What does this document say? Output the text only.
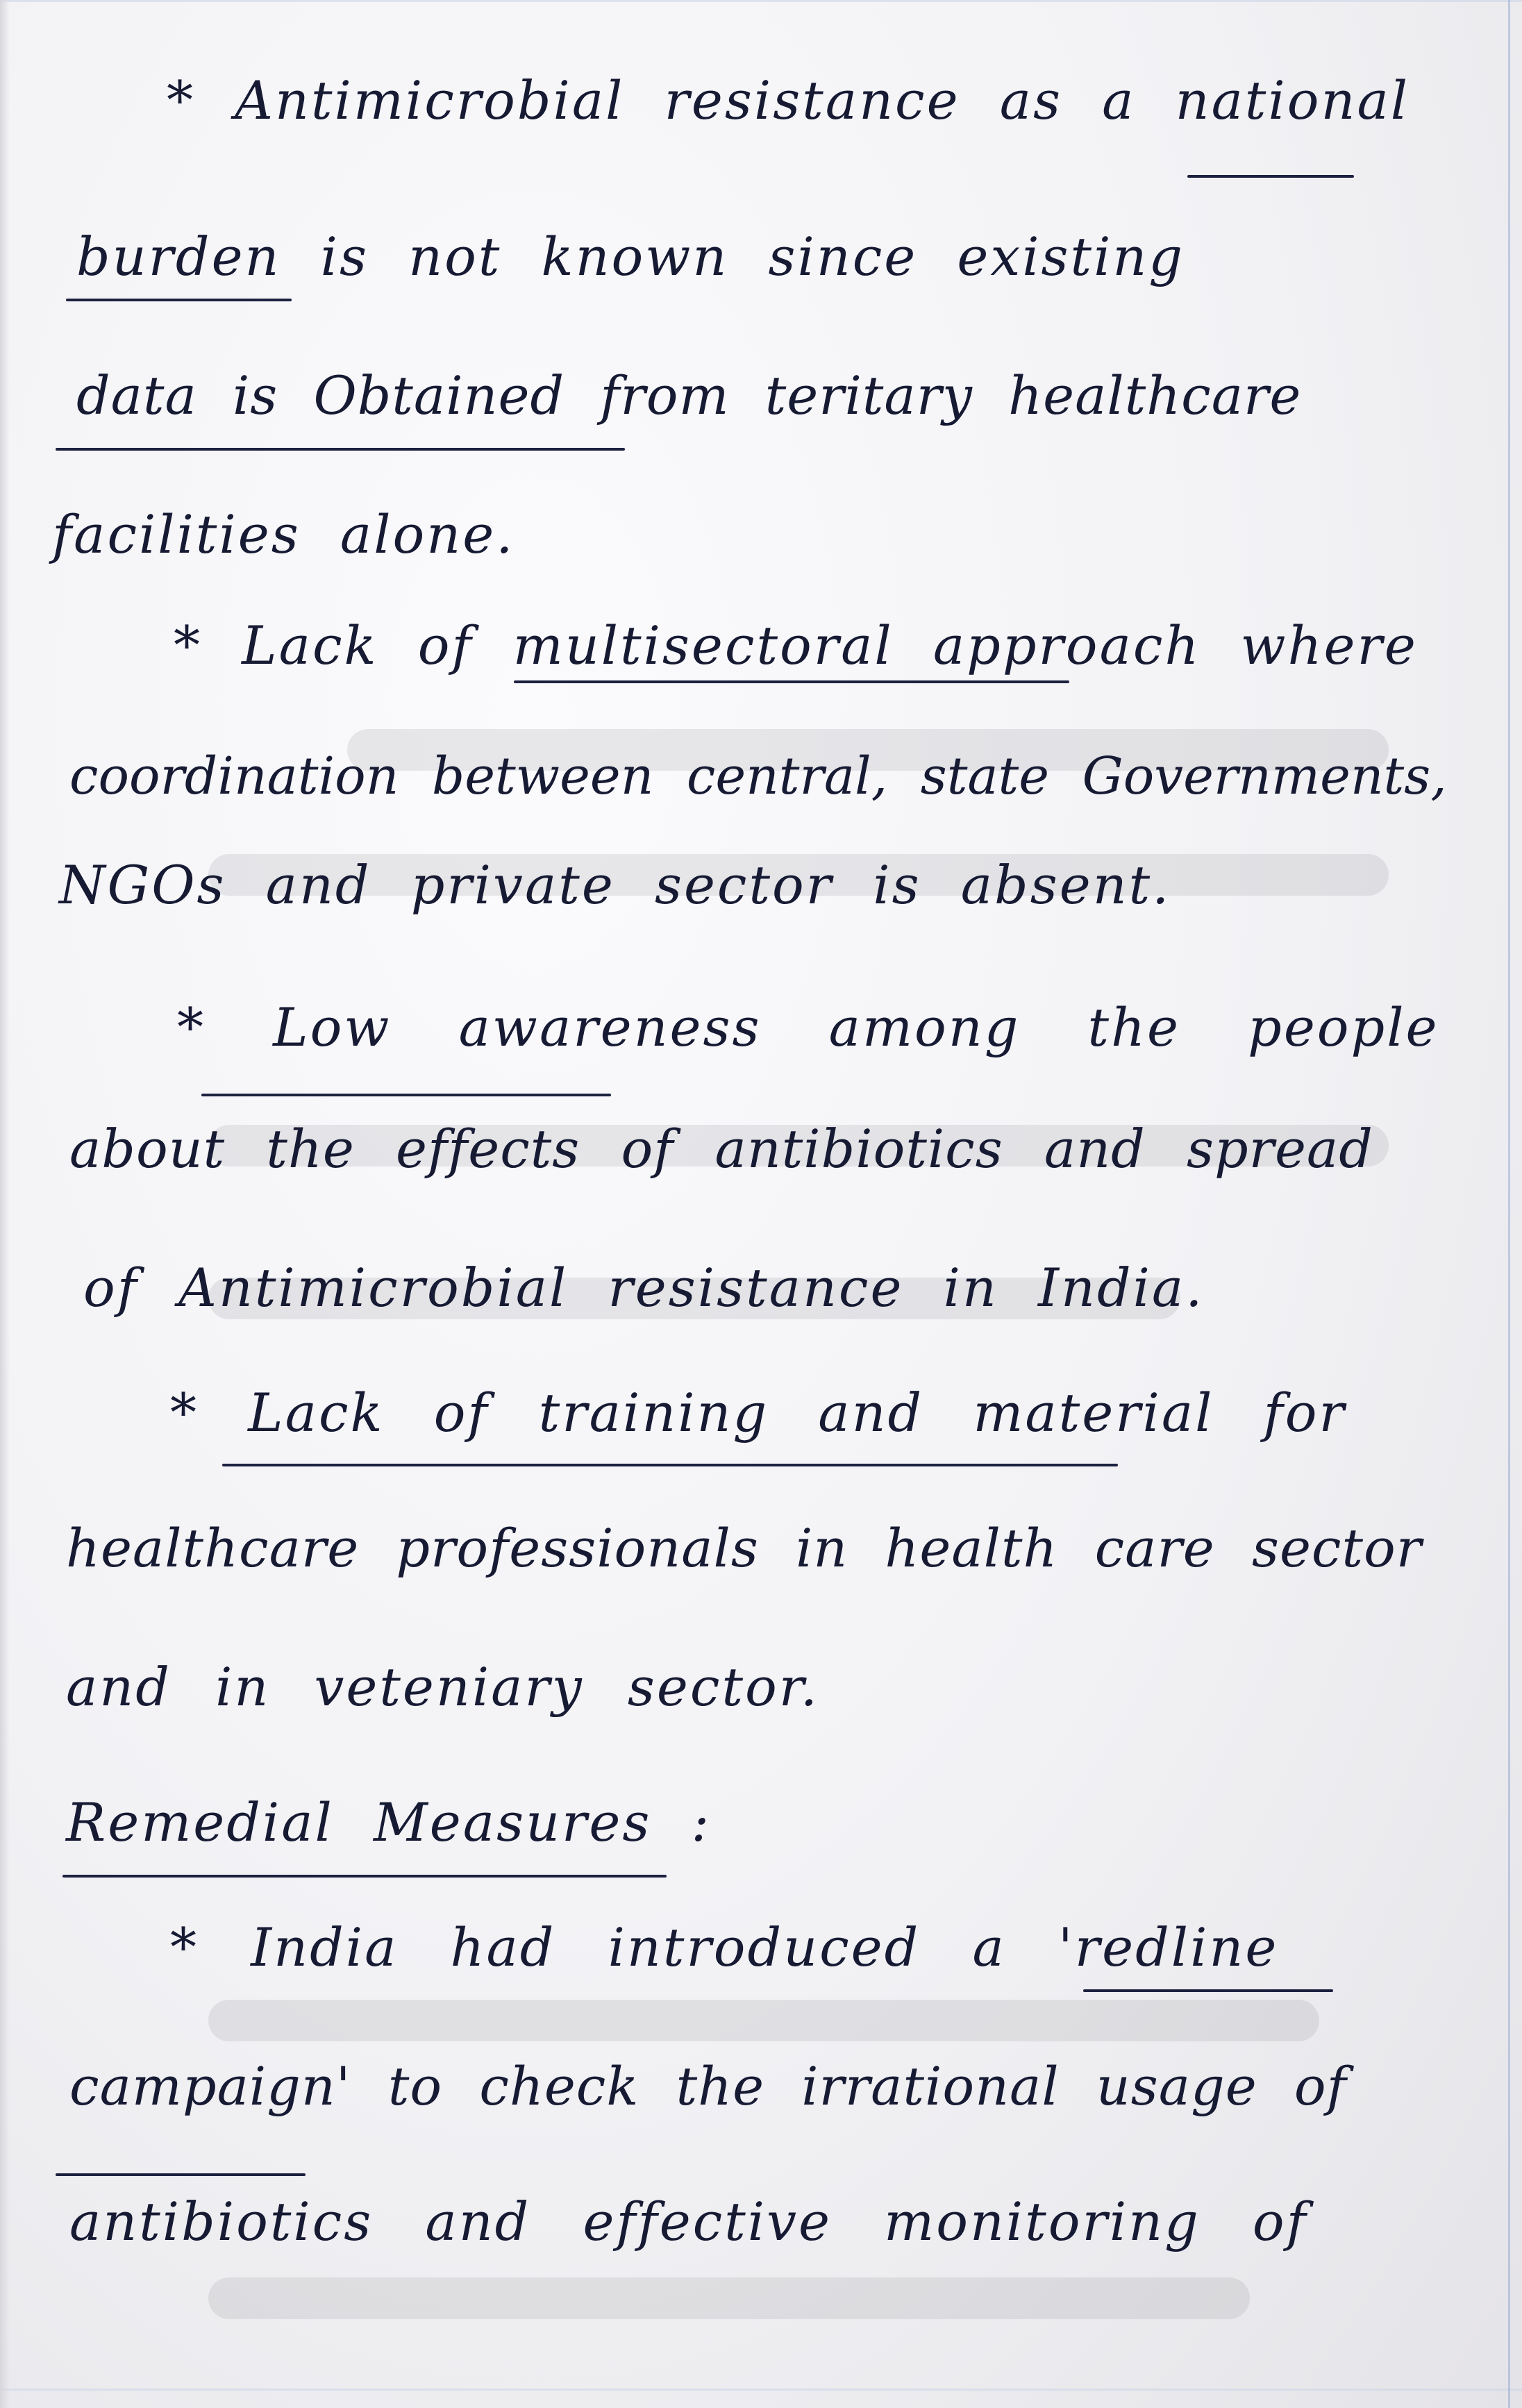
* Antimicrobial resistance as a national
burden is not known since existing
data is Obtained from teritary healthcare
facilities alone.
* Lack of multisectoral approach where
coordination between central, state Governments,
NGOs and private sector is absent.
* Low awareness among the people
about the effects of antibiotics and spread
of Antimicrobial resistance in India.
* Lack of training and material for
healthcare professionals in health care sector
and in veteniary sector.
Remedial Measures :
* India had introduced a 'redline
campaign' to check the irrational usage of
antibiotics and effective monitoring of
